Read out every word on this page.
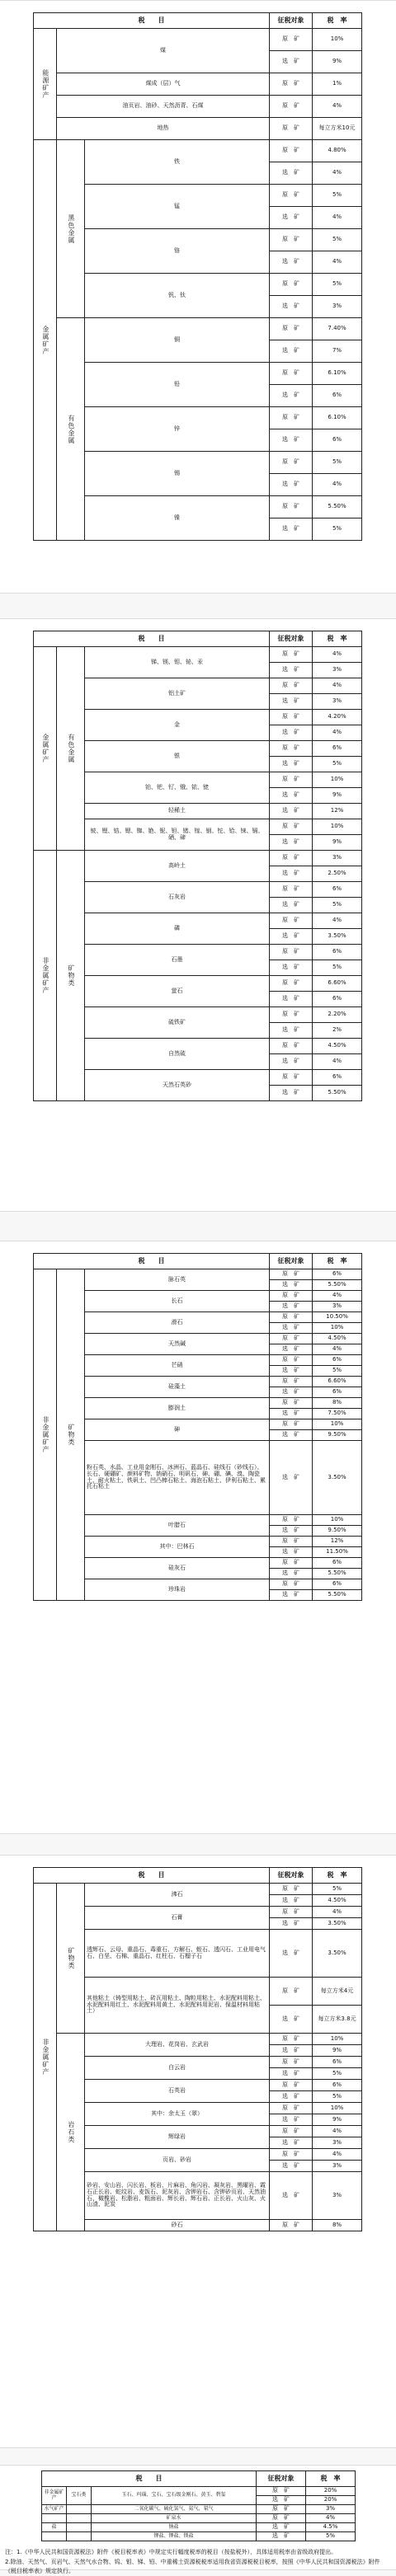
税　　目			征税对象	税　率
能源矿产	煤		原　矿	10%
			选　矿	9%
	煤成（层）气		原　矿	1%
	油页岩、油砂、天然沥青、石煤		原　矿	4%
	地热		原　矿	每立方米10元
金属矿产	黑色金属	铁	原　矿	4.80%
			选　矿	4%
		锰	原　矿	5%
			选　矿	4%
		铬	原　矿	5%
			选　矿	4%
		钒、钛	原　矿	5%
			选　矿	3%
	有色金属	铜	原　矿	7.40%
			选　矿	7%
		铅	原　矿	6.10%
			选　矿	6%
		锌	原　矿	6.10%
			选　矿	6%
		锡	原　矿	5%
			选　矿	4%
		镍	原　矿	5.50%
			选　矿	5%
税　　目			征税对象	税　率
金属矿产	有色金属	锑、镁、钼、铋、汞	原　矿	4%
			选　矿	3%
		铝土矿	原　矿	4%
			选　矿	3%
		金	原　矿	4.20%
			选　矿	4%
		银	原　矿	6%
			选　矿	5%
		铂、钯、钌、锇、铱、铑	原　矿	10%
			选　矿	9%
		轻稀土	选　矿	12%
		铍、锂、锆、锶、铷、铯、铌、钽、锗、镓、铟、铊、铪、铼、镉、硒、碲	原　矿	10%
			选　矿	9%
非金属矿产	矿物类	高岭土	原　矿	3%
			选　矿	2.50%
		石灰岩	原　矿	6%
			选　矿	5%
		磷	原　矿	4%
			选　矿	3.50%
		石墨	原　矿	6%
			选　矿	5%
		萤石	原　矿	6.60%
			选　矿	6%
		硫铁矿	原　矿	2.20%
			选　矿	2%
		自然硫	原　矿	4.50%
			选　矿	4%
		天然石英砂	原　矿	6%
			选　矿	5.50%
税　　目			征税对象	税　率
非金属矿产	矿物类	脉石英	原　矿	6%
			选　矿	5.50%
		长石	原　矿	4%
			选　矿	3%
		滑石	原　矿	10.50%
			选　矿	10%
		天然碱	原　矿	4.50%
			选　矿	4%
		芒硝	原　矿	6%
			选　矿	5%
		硅藻土	原　矿	6.60%
			选　矿	6%
		膨润土	原　矿	8%
			选　矿	7.50%
		砷	原　矿	10%
			选　矿	9.50%
		粉石英、水晶、工业用金刚石、冰洲石、蓝晶石、硅线石（砂线石）、长石、硬硼矿、颜料矿物、钠硝石、明矾石、砷、硼、碘、溴、陶瓷土、耐火粘土、铁矾土、凹凸棒石粘土、海泡石粘土、伊利石粘土、累托石粘土	选　矿	3.50%
		叶腊石	原　矿	10%
			选　矿	9.50%
		其中：巴林石	原　矿	12%
			选　矿	11.50%
		硅灰石	原　矿	6%
			选　矿	5.50%
		珍珠岩	原　矿	6%
			选　矿	5.50%
税　　目			征税对象	税　率
非金属矿产	矿物类	沸石	原　矿	5%
			选　矿	4.50%
		石膏	原　矿	4%
			选　矿	3.50%
		透辉石、云母、重晶石、毒重石、方解石、蛭石、透闪石、工业用电气石、白垩、石棉、重晶石、红柱石、石榴子石	选　矿	3.50%
		其他粘土（铸型用粘土、砖瓦用粘土、陶粒用粘土、水泥配料用粘土、水泥配料用红土、水泥配料用黄土、水泥配料用泥岩、保温材料用粘土）	原　矿	每立方米4元
			选　矿	每立方米3.8元
	岩石类	大理岩、花岗岩、玄武岩	原　矿	10%
			选　矿	9%
		白云岩	原　矿	6%
			选　矿	5%
		石英岩	原　矿	6%
			选　矿	5%
		其中：余太玉（翠）	原　矿	10%
			选　矿	9%
		辉绿岩	原　矿	4%
			选　矿	3%
		页岩、砂岩	原　矿	4%
			选　矿	3%
		砂岩、安山岩、闪长岩、板岩、片麻岩、角闪岩、凝灰岩、黑曜岩、霞石正长岩、蛇纹岩、麦饭石、泥灰岩、含钾岩石、含钾砂页岩、天然油石、橄榄岩、松脂岩、粗面岩、辉长岩、辉石岩、正长岩、火山灰、火山渣、泥炭	选　矿	3%
		砂石	原　矿	8%
税　　目			征税对象	税　率
非金属矿产	宝石类	玉石、玛瑙、宝石、宝石级金刚石、黄玉、碧玺	原　矿	20%
			选　矿	20%
水气矿产		二氧化碳气、硫化氢气、氦气、氡气	原　矿	3%
		矿泉水	原　矿	4%
盐		钠盐	选　矿	4.5%
		钾盐、钾盐、镁盐	选　矿	5%
注：1.《中华人民共和国资源税法》附件《税目税率表》中规定实行幅度税率的税目（按盐税外），具体适用税率由省级政府提出。
2.除油、天然气、页岩气、天然气水合物、钨、钼、锑、铅、中重稀土资源税税率适用我省资源税税目税率，按照《中华人民共和国资源税法》附件《税目税率表》规定执行。
